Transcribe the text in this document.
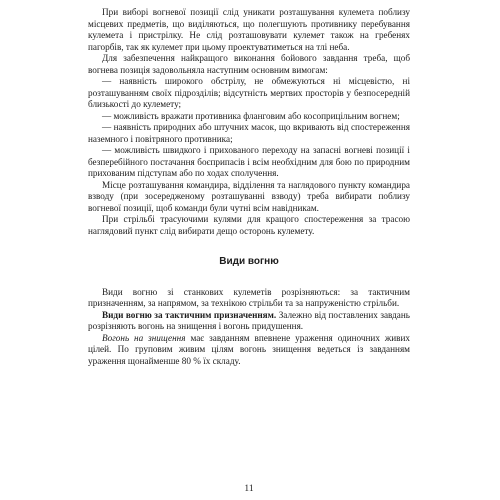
При виборі вогневої позиції слід уникати розташування кулемета поблизу місцевих предметів, що виділяються, що полегшують противнику перебування кулемета і пристрілку. Не слід розташовувати кулемет також на гребенях пагорбів, так як кулемет при цьому проектуватиметься на тлі неба.

Для забезпечення найкращого виконання бойового завдання треба, щоб вогнева позиція задовольняла наступним основним вимогам:

— наявність широкого обстрілу, не обмежуються ні місцевістю, ні розташуванням своїх підрозділів; відсутність мертвих просторів у безпосередній близькості до кулемету;

— можливість вражати противника фланговим або косоприцільним вогнем;

— наявність природних або штучних масок, що вкривають від спостереження наземного і повітряного противника;

— можливість швидкого і прихованого переходу на запасні вогневі позиції і безперебійного постачання боєприпасів і всім необхідним для бою по природним прихованим підступам або по ходах сполучення.

Місце розташування командира, відділення та наглядового пункту командира взводу (при зосередженому розташуванні взводу) треба вибирати поблизу вогневої позиції, щоб команди були чутні всім навідникам.

При стрільбі трасуючими кулями для кращого спостереження за трасою наглядовий пункт слід вибирати дещо осторонь кулемету.

Види вогню

Види вогню зі станкових кулеметів розрізняються: за тактичним призначенням, за напрямом, за технікою стрільби та за напруженістю стрільби.

Види вогню за тактичним призначенням. Залежно від поставлених завдань розрізняють вогонь на знищення і вогонь придушення.

Вогонь на знищення має завданням впевнене ураження одиночних живих цілей. По груповим живим цілям вогонь знищення ведеться із завданням ураження щонайменше 80 % їх складу.

11
